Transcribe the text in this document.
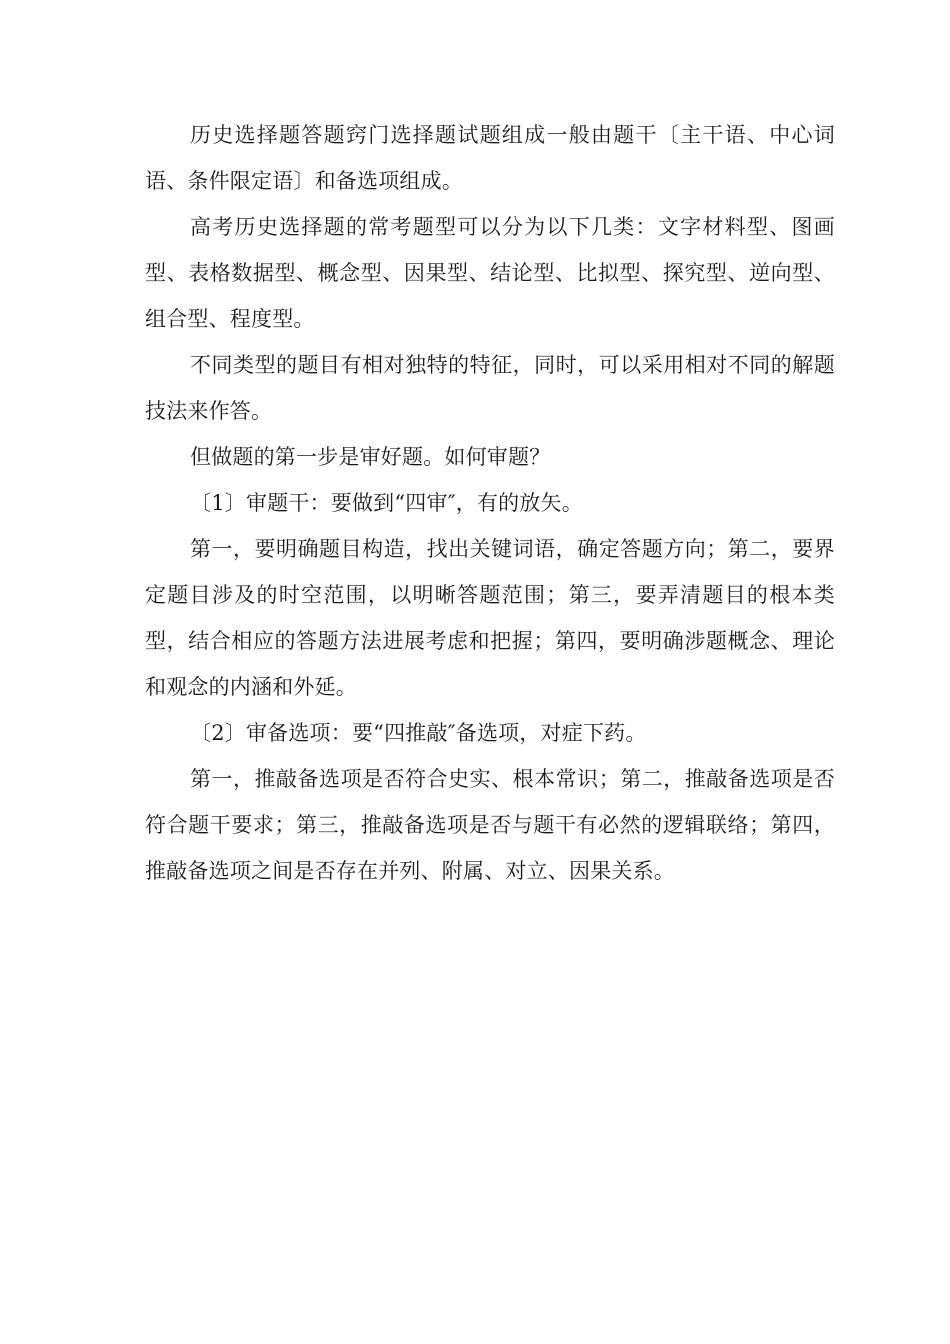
历史选择题答题窍门选择题试题组成一般由题干〔主干语、中心词语、条件限定语〕和备选项组成。

高考历史选择题的常考题型可以分为以下几类：文字材料型、图画型、表格数据型、概念型、因果型、结论型、比拟型、探究型、逆向型、组合型、程度型。

不同类型的题目有相对独特的特征，同时，可以采用相对不同的解题技法来作答。

但做题的第一步是审好题。如何审题？

〔1〕审题干：要做到“四审″，有的放矢。

第一，要明确题目构造，找出关键词语，确定答题方向；第二，要界定题目涉及的时空范围，以明晰答题范围；第三，要弄清题目的根本类型，结合相应的答题方法进展考虑和把握；第四，要明确涉题概念、理论和观念的内涵和外延。

〔2〕审备选项：要“四推敲″备选项，对症下药。

第一，推敲备选项是否符合史实、根本常识；第二，推敲备选项是否符合题干要求；第三，推敲备选项是否与题干有必然的逻辑联络；第四，推敲备选项之间是否存在并列、附属、对立、因果关系。
